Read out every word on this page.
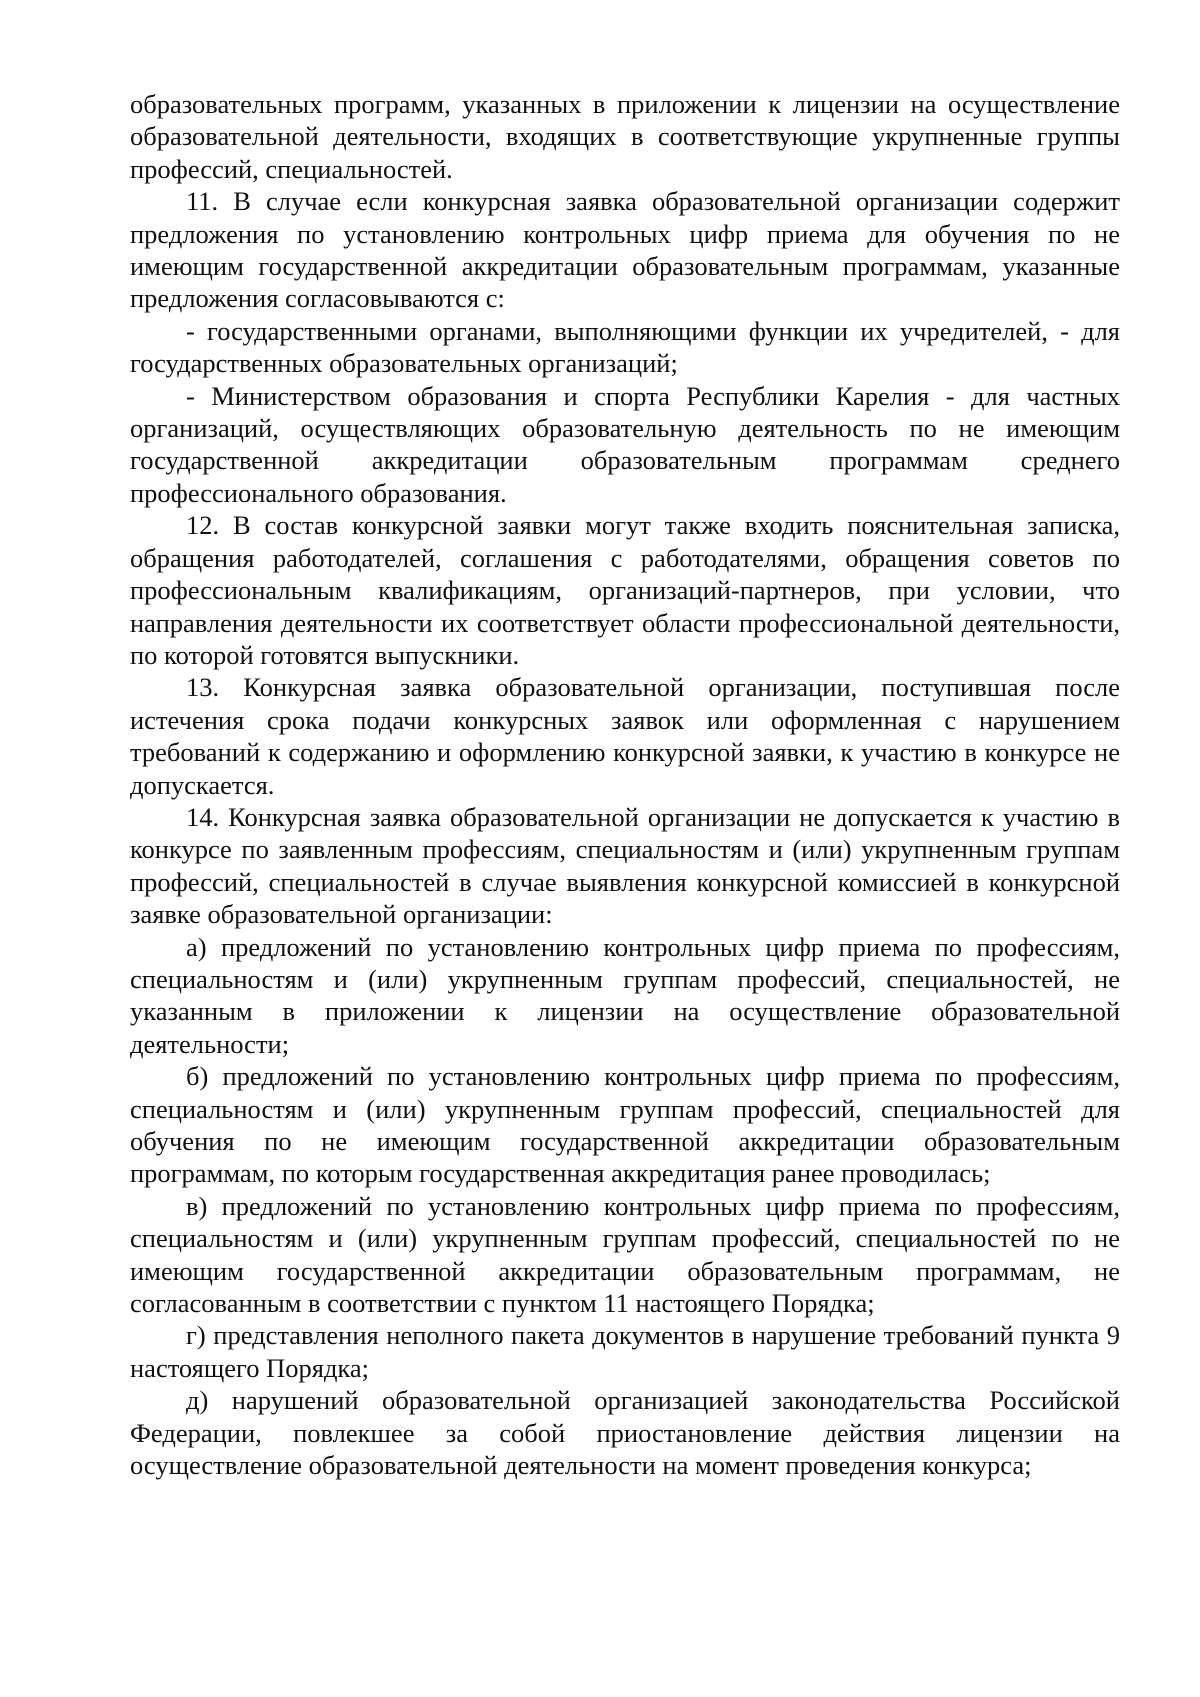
образовательных программ, указанных в приложении к лицензии на осуществление образовательной деятельности, входящих в соответствующие укрупненные группы профессий, специальностей.

11. В случае если конкурсная заявка образовательной организации содержит предложения по установлению контрольных цифр приема для обучения по не имеющим государственной аккредитации образовательным программам, указанные предложения согласовываются с:

- государственными органами, выполняющими функции их учредителей, - для государственных образовательных организаций;

- Министерством образования и спорта Республики Карелия - для частных организаций, осуществляющих образовательную деятельность по не имеющим государственной аккредитации образовательным программам среднего профессионального образования.

12. В состав конкурсной заявки могут также входить пояснительная записка, обращения работодателей, соглашения с работодателями, обращения советов по профессиональным квалификациям, организаций-партнеров, при условии, что направления деятельности их соответствует области профессиональной деятельности, по которой готовятся выпускники.

13. Конкурсная заявка образовательной организации, поступившая после истечения срока подачи конкурсных заявок или оформленная с нарушением требований к содержанию и оформлению конкурсной заявки, к участию в конкурсе не допускается.

14. Конкурсная заявка образовательной организации не допускается к участию в конкурсе по заявленным профессиям, специальностям и (или) укрупненным группам профессий, специальностей в случае выявления конкурсной комиссией в конкурсной заявке образовательной организации:

а) предложений по установлению контрольных цифр приема по профессиям, специальностям и (или) укрупненным группам профессий, специальностей, не указанным в приложении к лицензии на осуществление образовательной деятельности;

б) предложений по установлению контрольных цифр приема по профессиям, специальностям и (или) укрупненным группам профессий, специальностей для обучения по не имеющим государственной аккредитации образовательным программам, по которым государственная аккредитация ранее проводилась;

в) предложений по установлению контрольных цифр приема по профессиям, специальностям и (или) укрупненным группам профессий, специальностей по не имеющим государственной аккредитации образовательным программам, не согласованным в соответствии с пунктом 11 настоящего Порядка;

г) представления неполного пакета документов в нарушение требований пункта 9 настоящего Порядка;

д) нарушений образовательной организацией законодательства Российской Федерации, повлекшее за собой приостановление действия лицензии на осуществление образовательной деятельности на момент проведения конкурса;
